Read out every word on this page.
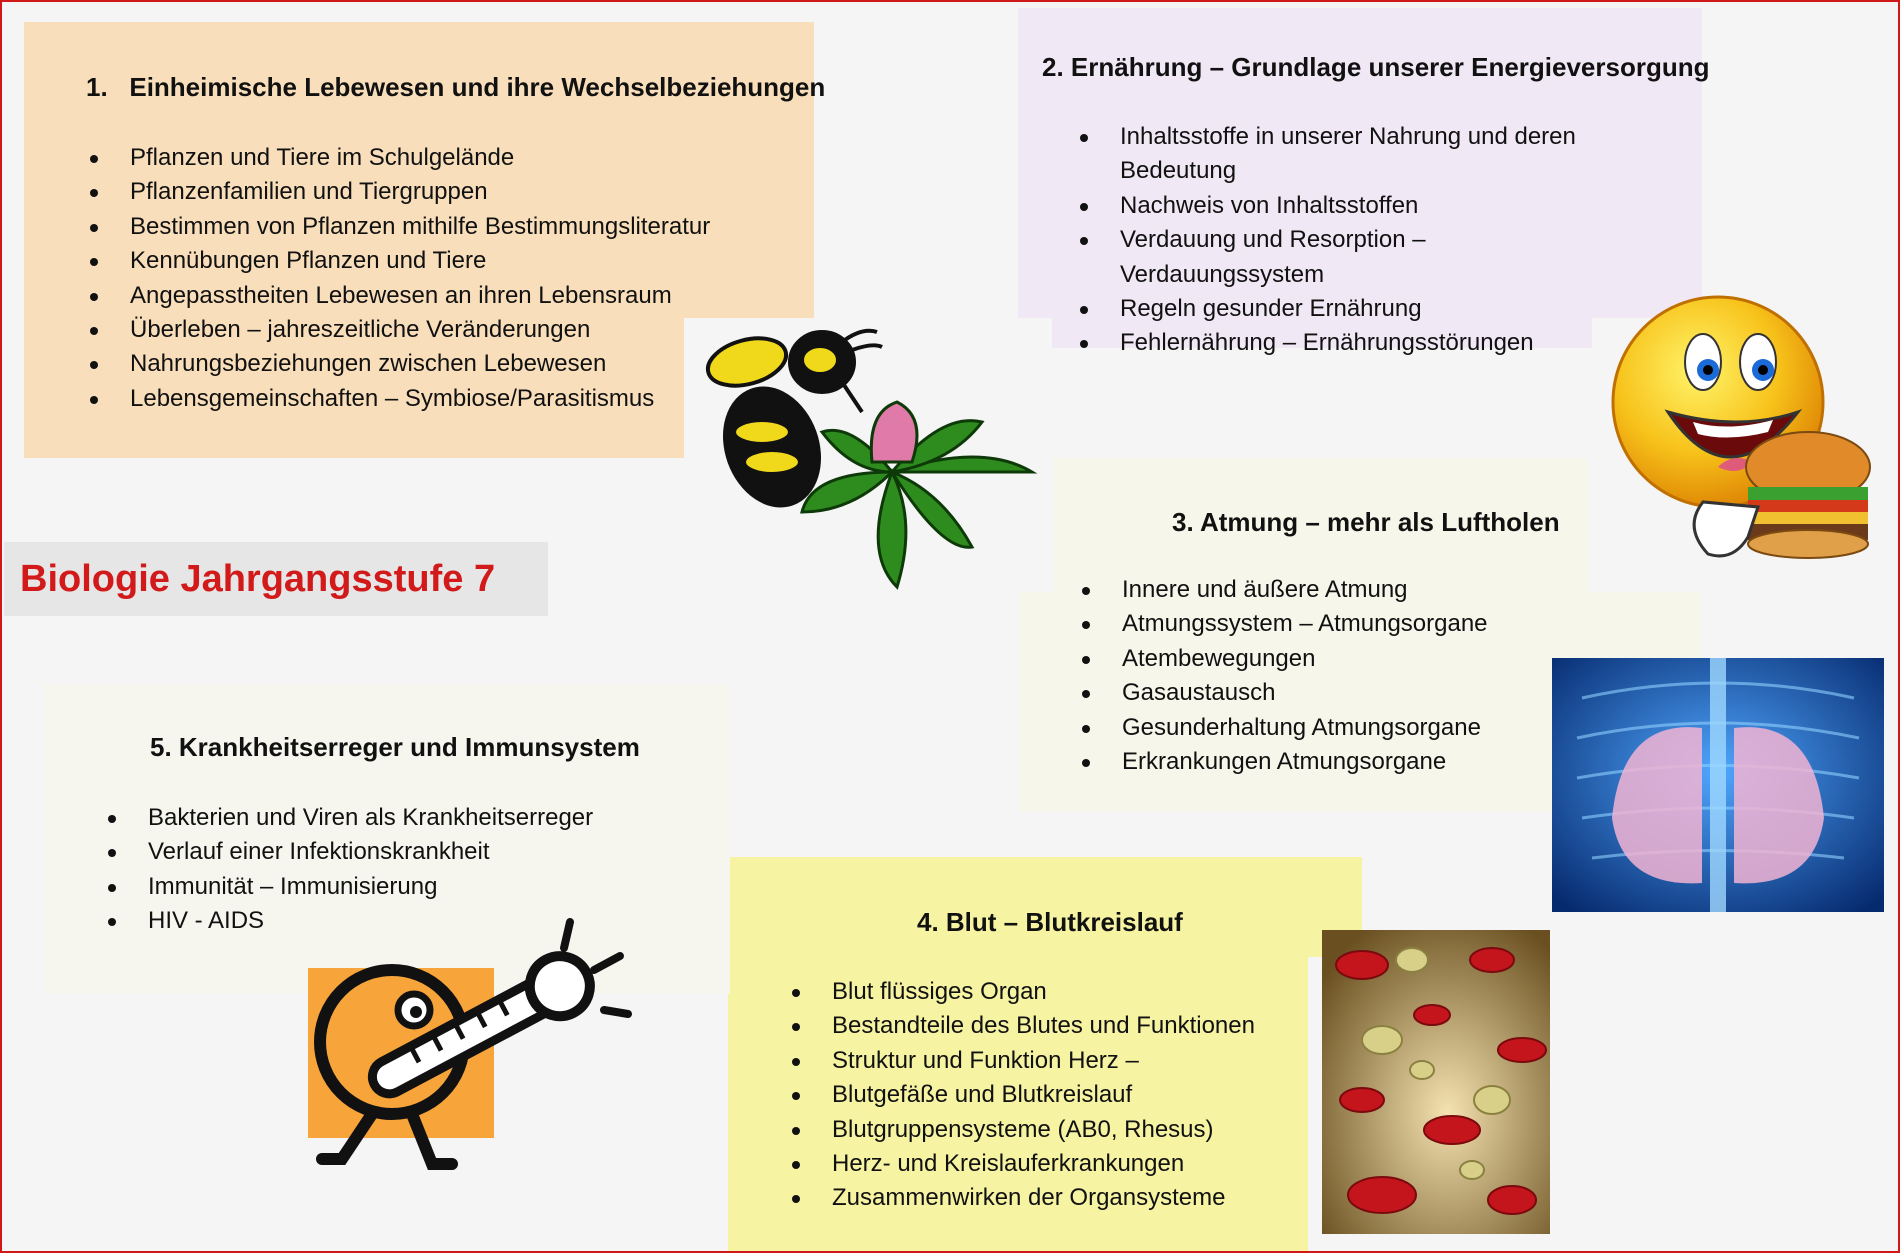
1.   Einheimische Lebewesen und ihre Wechselbeziehungen
Pflanzen und Tiere im Schulgelände
Pflanzenfamilien und Tiergruppen
Bestimmen von Pflanzen mithilfe Bestimmungsliteratur
Kennübungen Pflanzen und Tiere
Angepasstheiten Lebewesen an ihren Lebensraum
Überleben – jahreszeitliche Veränderungen
Nahrungsbeziehungen zwischen Lebewesen
Lebensgemeinschaften – Symbiose/Parasitismus
2. Ernährung – Grundlage unserer Energieversorgung
Inhaltsstoffe in unserer Nahrung und deren Bedeutung
Nachweis von Inhaltsstoffen
Verdauung und Resorption – Verdauungssystem
Regeln gesunder Ernährung
Fehlernährung – Ernährungsstörungen
3. Atmung – mehr als Luftholen
Innere und äußere Atmung
Atmungssystem – Atmungsorgane
Atembewegungen
Gasaustausch
Gesunderhaltung Atmungsorgane
Erkrankungen Atmungsorgane
4. Blut – Blutkreislauf
Blut flüssiges Organ
Bestandteile des Blutes und Funktionen
Struktur und Funktion Herz –
Blutgefäße und Blutkreislauf
Blutgruppensysteme (AB0, Rhesus)
Herz- und Kreislauferkrankungen
Zusammenwirken der Organsysteme
5. Krankheitserreger und Immunsystem
Bakterien und Viren als Krankheitserreger
Verlauf einer Infektionskrankheit
Immunität – Immunisierung
HIV - AIDS
Biologie Jahrgangsstufe 7
